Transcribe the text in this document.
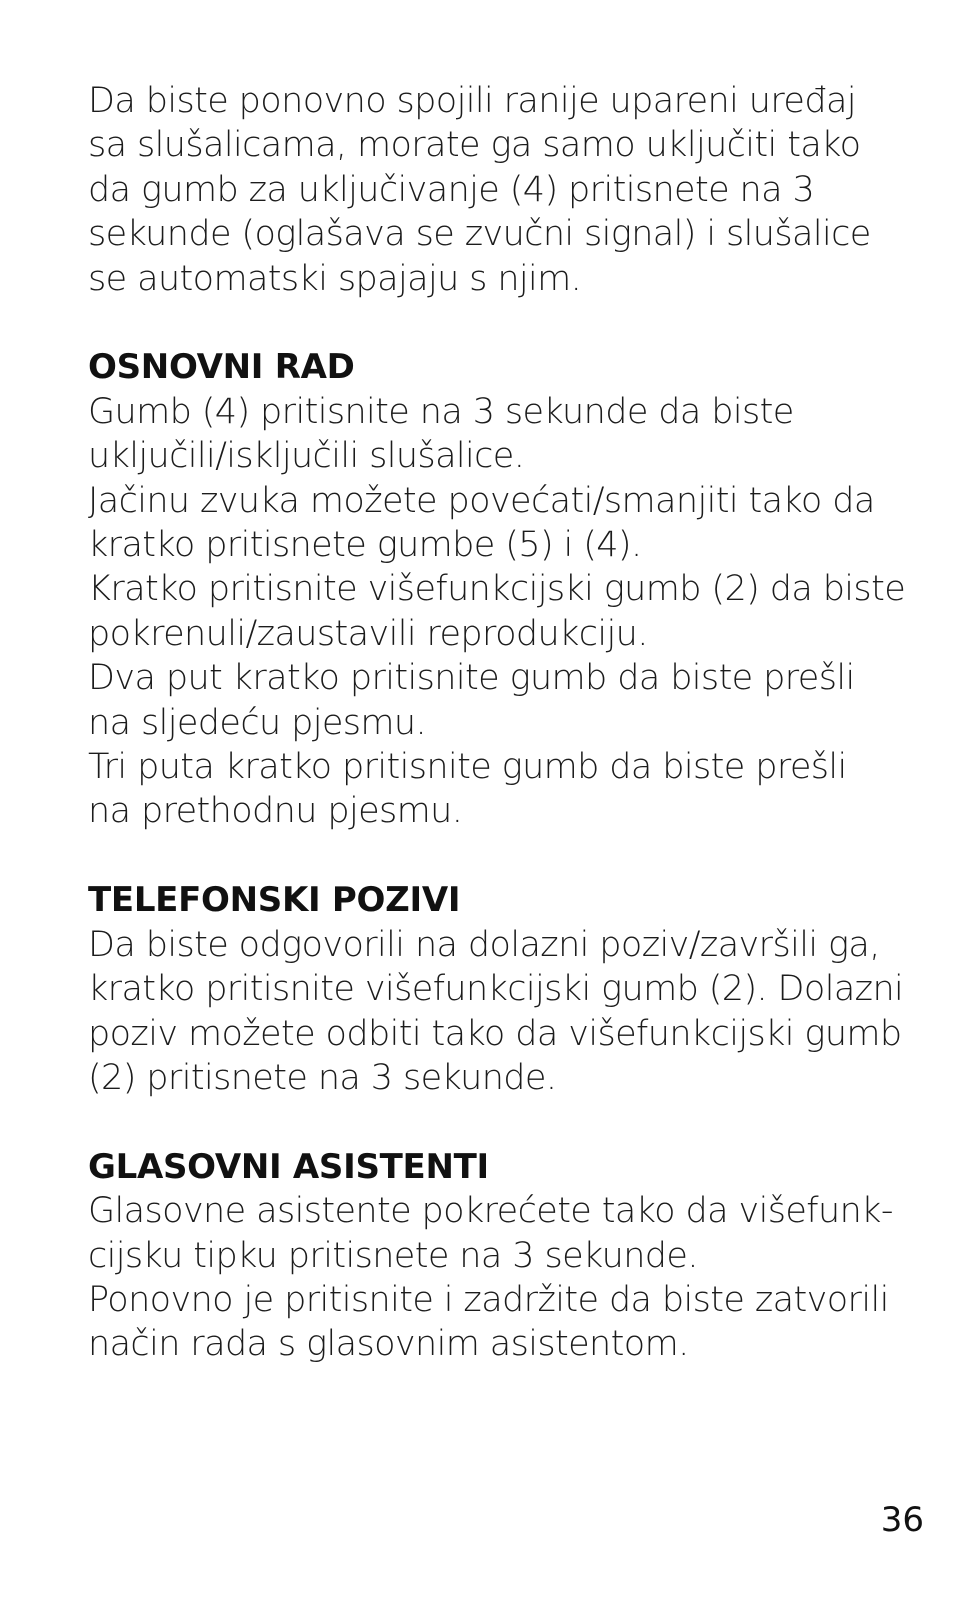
Da biste ponovno spojili ranije upareni uređaj
sa slušalicama, morate ga samo uključiti tako
da gumb za uključivanje (4) pritisnete na 3
sekunde (oglašava se zvučni signal) i slušalice
se automatski spajaju s njim.
OSNOVNI RAD
Gumb (4) pritisnite na 3 sekunde da biste
uključili/isključili slušalice.
Jačinu zvuka možete povećati/smanjiti tako da
kratko pritisnete gumbe (5) i (4).
Kratko pritisnite višefunkcijski gumb (2) da biste
pokrenuli/zaustavili reprodukciju.
Dva put kratko pritisnite gumb da biste prešli
na sljedeću pjesmu.
Tri puta kratko pritisnite gumb da biste prešli
na prethodnu pjesmu.
TELEFONSKI POZIVI
Da biste odgovorili na dolazni poziv/završili ga,
kratko pritisnite višefunkcijski gumb (2). Dolazni
poziv možete odbiti tako da višefunkcijski gumb
(2) pritisnete na 3 sekunde.
GLASOVNI ASISTENTI
Glasovne asistente pokrećete tako da višefunk-
cijsku tipku pritisnete na 3 sekunde.
Ponovno je pritisnite i zadržite da biste zatvorili
način rada s glasovnim asistentom.
36
